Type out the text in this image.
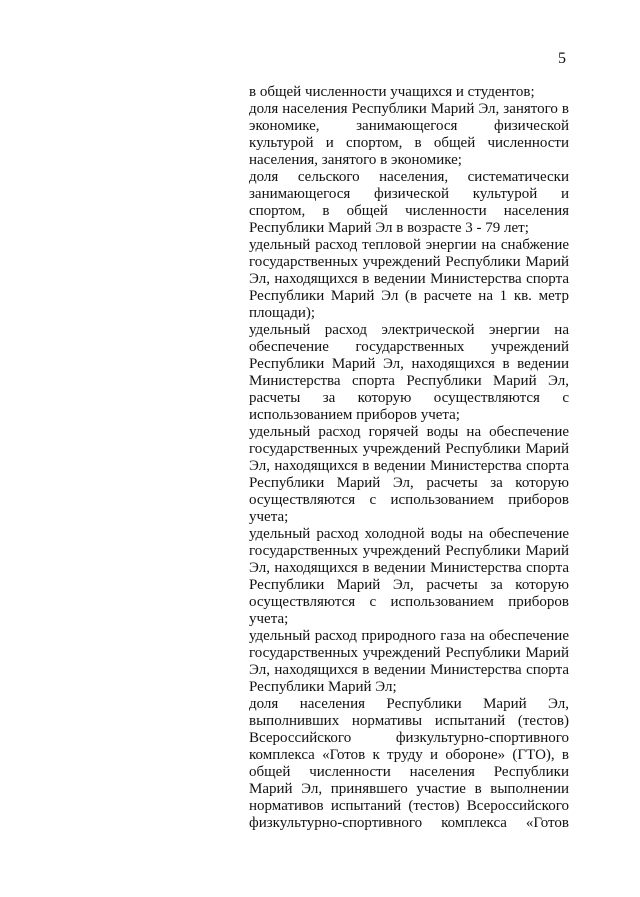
5

в общей численности учащихся и студентов;

доля населения Республики Марий Эл, занятого в экономике, занимающегося физической культурой и спортом, в общей численности населения, занятого в экономике;

доля сельского населения, систематически занимающегося физической культурой и спортом, в общей численности населения Республики Марий Эл в возрасте 3 - 79 лет;

удельный расход тепловой энергии на снабжение государственных учреждений Республики Марий Эл, находящихся в ведении Министерства спорта Республики Марий Эл (в расчете на 1 кв. метр площади);

удельный расход электрической энергии на обеспечение государственных учреждений Республики Марий Эл, находящихся в ведении Министерства спорта Республики Марий Эл, расчеты за которую осуществляются с использованием приборов учета;

удельный расход горячей воды на обеспечение государственных учреждений Республики Марий Эл, находящихся в ведении Министерства спорта Республики Марий Эл, расчеты за которую осуществляются с использованием приборов учета;

удельный расход холодной воды на обеспечение государственных учреждений Республики Марий Эл, находящихся в ведении Министерства спорта Республики Марий Эл, расчеты за которую осуществляются с использованием приборов учета;

удельный расход природного газа на обеспечение государственных учреждений Республики Марий Эл, находящихся в ведении Министерства спорта Республики Марий Эл;

доля населения Республики Марий Эл, выполнивших нормативы испытаний (тестов) Всероссийского физкультурно-спортивного комплекса «Готов к труду и обороне» (ГТО), в общей численности населения Республики Марий Эл, принявшего участие в выполнении нормативов испытаний (тестов) Всероссийского физкультурно-спортивного комплекса «Готов
